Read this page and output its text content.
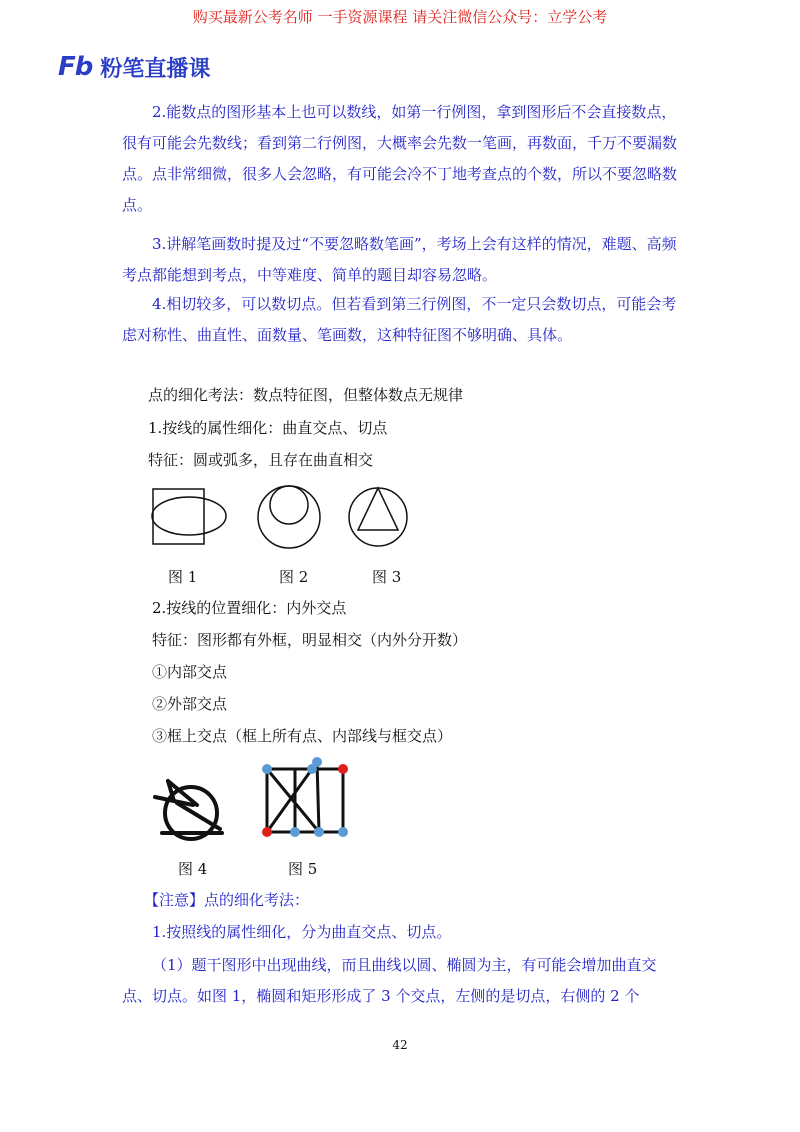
购买最新公考名师 一手资源课程 请关注微信公众号：立学公考
Fb 粉笔直播课
2.能数点的图形基本上也可以数线，如第一行例图，拿到图形后不会直接数点，很有可能会先数线；看到第二行例图，大概率会先数一笔画，再数面，千万不要漏数点。点非常细微，很多人会忽略，有可能会冷不丁地考查点的个数，所以不要忽略数点。
3.讲解笔画数时提及过“不要忽略数笔画”，考场上会有这样的情况，难题、高频考点都能想到考点，中等难度、简单的题目却容易忽略。
4.相切较多，可以数切点。但若看到第三行例图，不一定只会数切点，可能会考虑对称性、曲直性、面数量、笔画数，这种特征图不够明确、具体。
点的细化考法：数点特征图，但整体数点无规律
1.按线的属性细化：曲直交点、切点
特征：圆或弧多，且存在曲直相交
图 1	图 2	图 3
2.按线的位置细化：内外交点
特征：图形都有外框，明显相交（内外分开数）
①内部交点
②外部交点
③框上交点（框上所有点、内部线与框交点）
图 4	图 5
【注意】点的细化考法：
1.按照线的属性细化，分为曲直交点、切点。
（1）题干图形中出现曲线，而且曲线以圆、椭圆为主，有可能会增加曲直交点、切点。如图 1，椭圆和矩形形成了 3 个交点，左侧的是切点，右侧的 2 个
42
